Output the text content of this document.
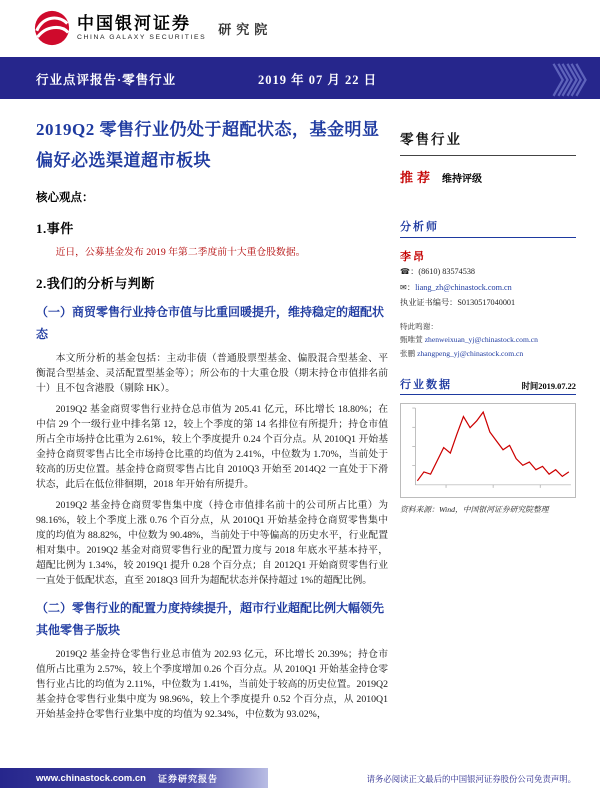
中国银河证券
CHINA GALAXY SECURITIES
研究院
行业点评报告·零售行业	2019 年 07 月 22 日	》》》
2019Q2 零售行业仍处于超配状态，基金明显偏好必选渠道超市板块
核心观点：
1.事件
近日，公募基金发布 2019 年第二季度前十大重仓股数据。
2.我们的分析与判断
（一）商贸零售行业持仓市值与比重回暖提升，维持稳定的超配状态
本文所分析的基金包括：主动非债（普通股票型基金、偏股混合型基金、平衡混合型基金、灵活配置型基金等）；所公布的十大重仓股（期末持仓市值排名前十）且不包含港股（剔除 HK）。
2019Q2 基金商贸零售行业持仓总市值为 205.41 亿元，环比增长 18.80%；在中信 29 个一级行业中排名第 12，较上个季度的第 14 名排位有所提升；持仓市值所占全市场持仓比重为 2.61%，较上个季度提升 0.24 个百分点。从 2010Q1 开始基金持仓商贸零售占比全市场持仓比重的均值为 2.41%，中位数为 1.70%，当前处于较高的历史位置。基金持仓商贸零售占比自 2010Q3 开始至 2014Q2 一直处于下滑状态，此后在低位徘徊期，2018 年开始有所提升。
2019Q2 基金持仓商贸零售集中度（持仓市值排名前十的公司所占比重）为 98.16%，较上个季度上涨 0.76 个百分点，从 2010Q1 开始基金持仓商贸零售集中度的均值为 88.82%，中位数为 90.48%，当前处于中等偏高的历史水平，行业配置相对集中。2019Q2 基金对商贸零售行业的配置力度与 2018 年底水平基本持平，超配比例为 1.34%，较 2019Q1 提升 0.28 个百分点；自 2012Q1 开始商贸零售行业一直处于低配状态，直至 2018Q3 回升为超配状态并保持超过 1%的超配比例。
（二）零售行业的配置力度持续提升，超市行业超配比例大幅领先其他零售子版块
2019Q2 基金持仓零售行业总市值为 202.93 亿元，环比增长 20.39%；持仓市值所占比重为 2.57%，较上个季度增加 0.26 个百分点。从 2010Q1 开始基金持仓零售行业占比的均值为 2.11%，中位数为 1.41%，当前处于较高的历史位置。2019Q2 基金持仓零售行业集中度为 98.96%，较上个季度提升 0.52 个百分点，从 2010Q1 开始基金持仓零售行业集中度的均值为 92.34%，中位数为 93.02%，
零售行业
推荐 维持评级
分析师
李昂
☎：(8610) 83574538
✉：liang_zh@chinastock.com.cn
执业证书编号：S0130517040001
特此鸣谢：
甄唯萱 zhenweixuan_yj@chinastock.com.cn
张鹏 zhangpeng_yj@chinastock.com.cn
行业数据	时间2019.07.22
资料来源：Wind，中国银河证券研究院整理
www.chinastock.com.cn 证券研究报告	请务必阅读正文最后的中国银河证券股份公司免责声明。
